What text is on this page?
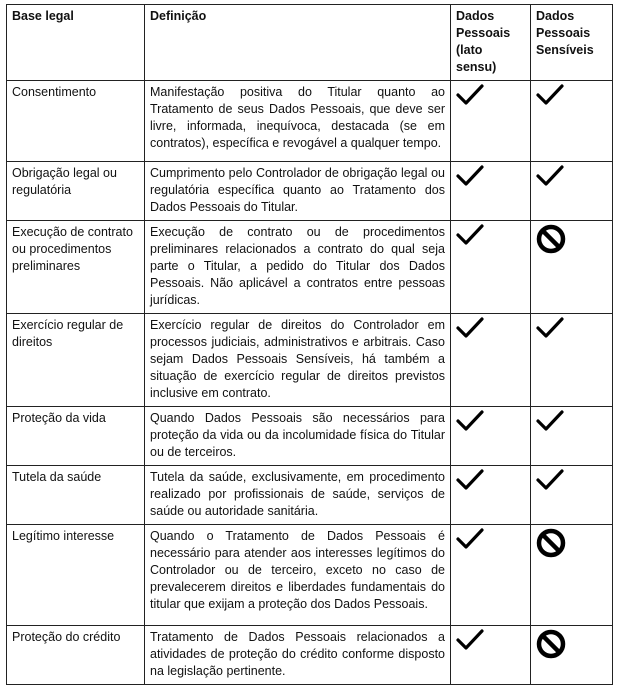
Base legal	Definição	Dados Pessoais (lato sensu)	Dados Pessoais Sensíveis
Consentimento	Manifestação positiva do Titular quanto ao Tratamento de seus Dados Pessoais, que deve ser livre, informada, inequívoca, destacada (se em contratos), específica e revogável a qualquer tempo.	

Obrigação legal ou regulatória	Cumprimento pelo Controlador de obrigação legal ou regulatória específica quanto ao Tratamento dos Dados Pessoais do Titular.	

Execução de contrato ou procedimentos preliminares	Execução de contrato ou de procedimentos preliminares relacionados a contrato do qual seja parte o Titular, a pedido do Titular dos Dados Pessoais. Não aplicável a contratos entre pessoas jurídicas.	

Exercício regular de direitos	Exercício regular de direitos do Controlador em processos judiciais, administrativos e arbitrais. Caso sejam Dados Pessoais Sensíveis, há também a situação de exercício regular de direitos previstos inclusive em contrato.	

Proteção da vida	Quando Dados Pessoais são necessários para proteção da vida ou da incolumidade física do Titular ou de terceiros.	

Tutela da saúde	Tutela da saúde, exclusivamente, em procedimento realizado por profissionais de saúde, serviços de saúde ou autoridade sanitária.	

Legítimo interesse	Quando o Tratamento de Dados Pessoais é necessário para atender aos interesses legítimos do Controlador ou de terceiro, exceto no caso de prevalecerem direitos e liberdades fundamentais do titular que exijam a proteção dos Dados Pessoais.	

Proteção do crédito	Tratamento de Dados Pessoais relacionados a atividades de proteção do crédito conforme disposto na legislação pertinente.	
